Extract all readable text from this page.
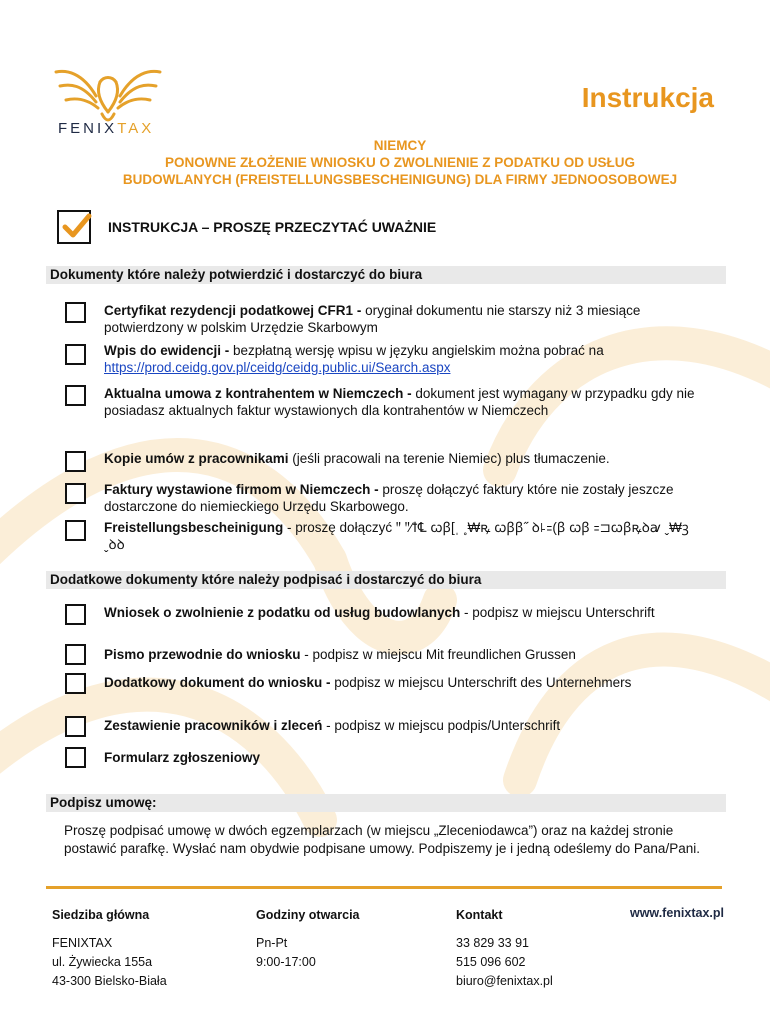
FENIXTAX
Instrukcja
NIEMCY
PONOWNE ZŁOŻENIE WNIOSKU O ZWOLNIENIE Z PODATKU OD USŁUG
BUDOWLANYCH (FREISTELLUNGSBESCHEINIGUNG) DLA FIRMY JEDNOOSOBOWEJ
INSTRUKCJA – PROSZĘ PRZECZYTAĆ UWAŻNIE
Dokumenty które należy potwierdzić i dostarczyć do biura
Certyfikat rezydencji podatkowej CFR1 - oryginał dokumentu nie starszy niż 3 miesiące potwierdzony w polskim Urzędzie Skarbowym
Wpis do ewidencji - bezpłatną wersję wpisu w języku angielskim można pobrać na
https://prod.ceidg.gov.pl/ceidg/ceidg.public.ui/Search.aspx
Aktualna umowa z kontrahentem w Niemczech - dokument jest wymagany w przypadku gdy nie posiadasz aktualnych faktur wystawionych dla kontrahentów w Niemczech
Kopie umów z pracownikami (jeśli pracowali na terenie Niemiec) plus tłumaczenie.
Faktury wystawione firmom w Niemczech - proszę dołączyć faktury które nie zostały jeszcze dostarczone do niemieckiego Urzędu Skarbowego.
Freistellungsbescheinigung - proszę dołączyć ꞌꞌ ꞌꞌ⁄ꝉ℄ ꞷꞵ[ˌ ˳₩ꝶ ꞷꞵꞵ˝ ꝺ꜕꞊(ꞵ ꞷꞵ ꞊⊐ꞷꞵꝶꝺꜹ ˬ₩ꝫ ˬꝺꝺ
Dodatkowe dokumenty które należy podpisać i dostarczyć do biura
Wniosek o zwolnienie z podatku od usług budowlanych - podpisz w miejscu Unterschrift
Pismo przewodnie do wniosku - podpisz w miejscu Mit freundlichen Grussen
Dodatkowy dokument do wniosku - podpisz w miejscu Unterschrift des Unternehmers
Zestawienie pracowników i zleceń - podpisz w miejscu podpis/Unterschrift
Formularz zgłoszeniowy
Podpisz umowę:
Proszę podpisać umowę w dwóch egzemplarzach (w miejscu „Zleceniodawca”) oraz na każdej stronie postawić parafkę. Wysłać nam obydwie podpisane umowy. Podpiszemy je i jedną odeślemy do Pana/Pani.
Siedziba główna
FENIXTAX
ul. Żywiecka 155a
43-300 Bielsko-Biała
Godziny otwarcia
Pn-Pt
9:00-17:00
Kontakt
33 829 33 91
515 096 602
biuro@fenixtax.pl
www.fenixtax.pl
